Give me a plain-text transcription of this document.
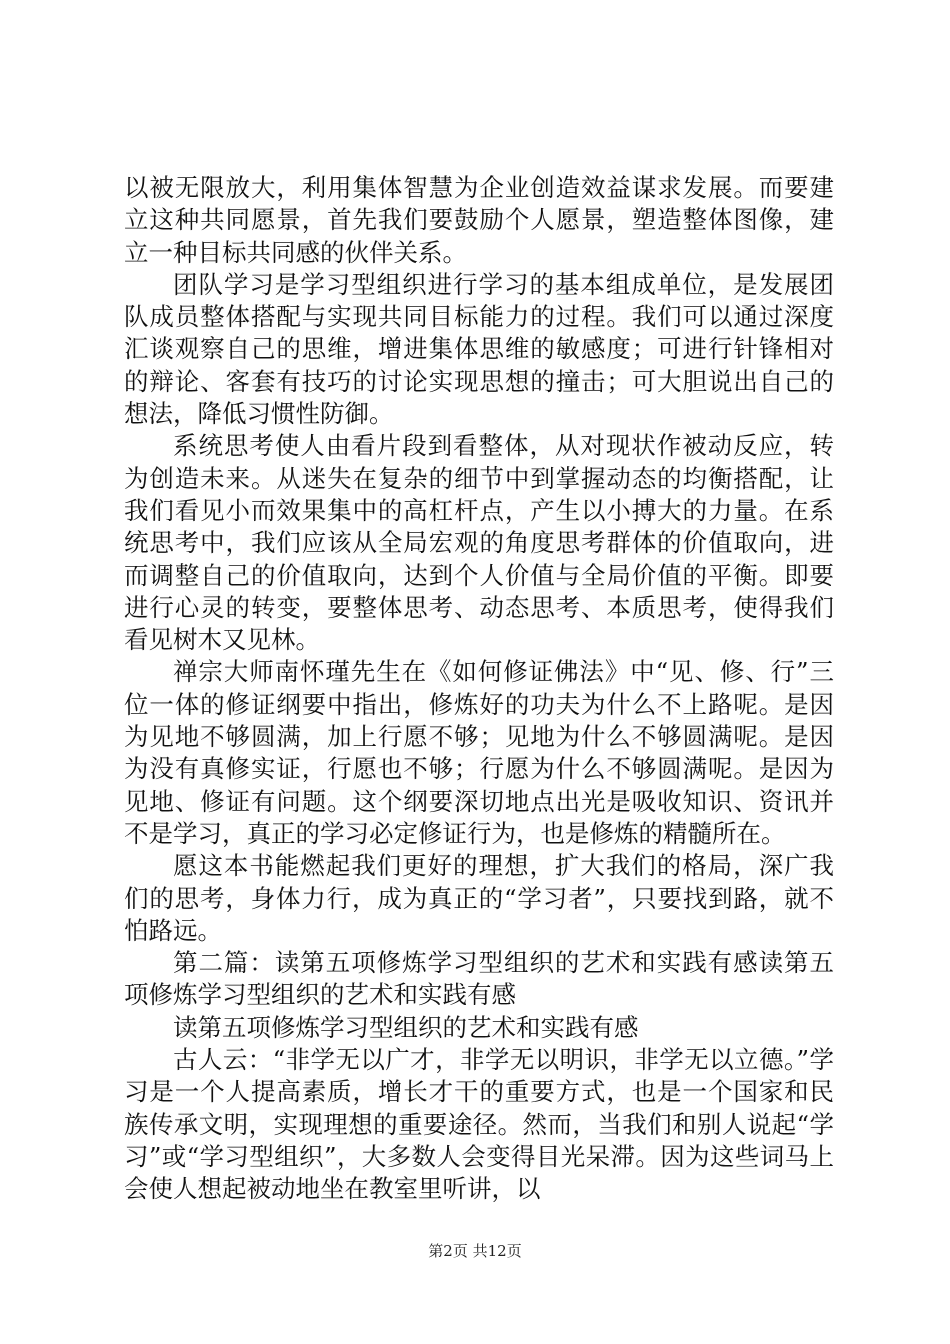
以被无限放大，利用集体智慧为企业创造效益谋求发展。而要建立这种共同愿景，首先我们要鼓励个人愿景，塑造整体图像，建立一种目标共同感的伙伴关系。

团队学习是学习型组织进行学习的基本组成单位，是发展团队成员整体搭配与实现共同目标能力的过程。我们可以通过深度汇谈观察自己的思维，增进集体思维的敏感度；可进行针锋相对的辩论、客套有技巧的讨论实现思想的撞击；可大胆说出自己的想法，降低习惯性防御。

系统思考使人由看片段到看整体，从对现状作被动反应，转为创造未来。从迷失在复杂的细节中到掌握动态的均衡搭配，让我们看见小而效果集中的高杠杆点，产生以小搏大的力量。在系统思考中，我们应该从全局宏观的角度思考群体的价值取向，进而调整自己的价值取向，达到个人价值与全局价值的平衡。即要进行心灵的转变，要整体思考、动态思考、本质思考，使得我们看见树木又见林。

禅宗大师南怀瑾先生在《如何修证佛法》中“见、修、行”三位一体的修证纲要中指出，修炼好的功夫为什么不上路呢。是因为见地不够圆满，加上行愿不够；见地为什么不够圆满呢。是因为没有真修实证，行愿也不够；行愿为什么不够圆满呢。是因为见地、修证有问题。这个纲要深切地点出光是吸收知识、资讯并不是学习，真正的学习必定修证行为，也是修炼的精髓所在。

愿这本书能燃起我们更好的理想，扩大我们的格局，深广我们的思考，身体力行，成为真正的“学习者”，只要找到路，就不怕路远。

第二篇：读第五项修炼学习型组织的艺术和实践有感读第五项修炼学习型组织的艺术和实践有感

读第五项修炼学习型组织的艺术和实践有感

古人云：“非学无以广才，非学无以明识，非学无以立德。”学习是一个人提高素质，增长才干的重要方式，也是一个国家和民族传承文明，实现理想的重要途径。然而，当我们和别人说起“学习”或“学习型组织”，大多数人会变得目光呆滞。因为这些词马上会使人想起被动地坐在教室里听讲，以

第2页 共12页
